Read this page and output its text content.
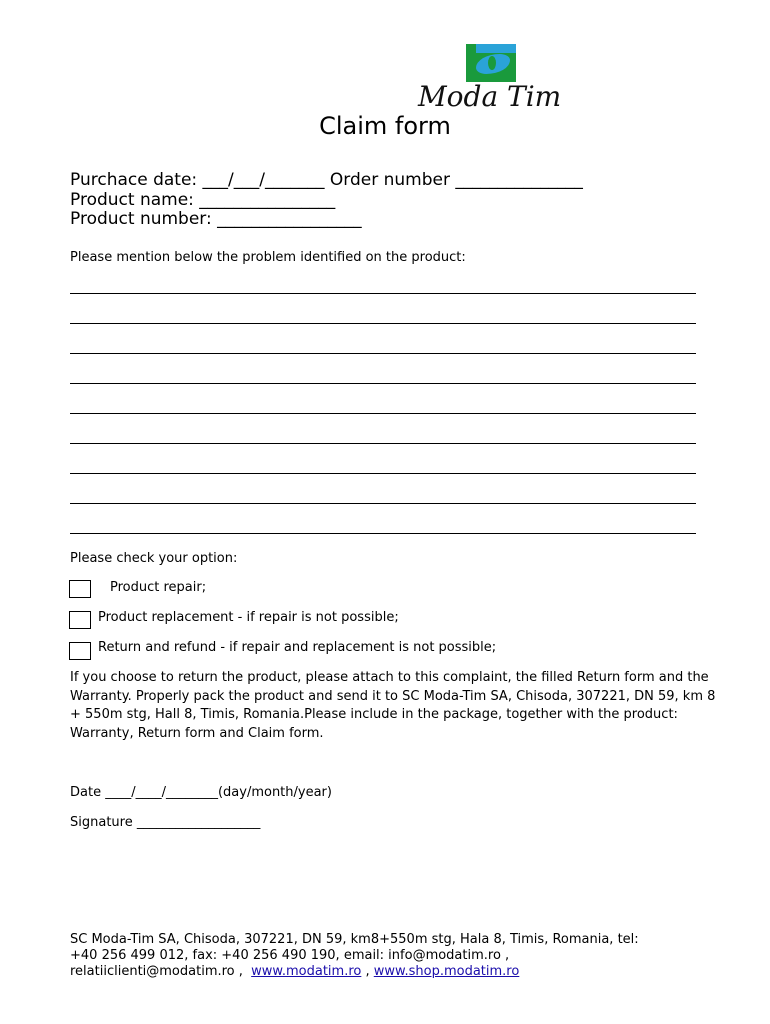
Moda Tim
Claim form
Purchace date: ___/___/_______ Order number _______________
Product name: ________________
Product number: _________________
Please mention below the problem identified on the product:
Please check your option:
Product repair;
Product replacement - if repair is not possible;
Return and refund - if repair and replacement is not possible;
If you choose to return the product, please attach to this complaint, the filled Return form and the Warranty. Properly pack the product and send it to SC Moda-Tim SA, Chisoda, 307221, DN 59, km 8 + 550m stg, Hall 8, Timis, Romania.Please include in the package, together with the product: Warranty, Return form and Claim form.
Date ____/____/________(day/month/year)
Signature ___________________
SC Moda-Tim SA, Chisoda, 307221, DN 59, km8+550m stg, Hala 8, Timis, Romania, tel:
+40 256 499 012, fax: +40 256 490 190, email: info@modatim.ro ,
relatiiclienti@modatim.ro ,  www.modatim.ro , www.shop.modatim.ro
